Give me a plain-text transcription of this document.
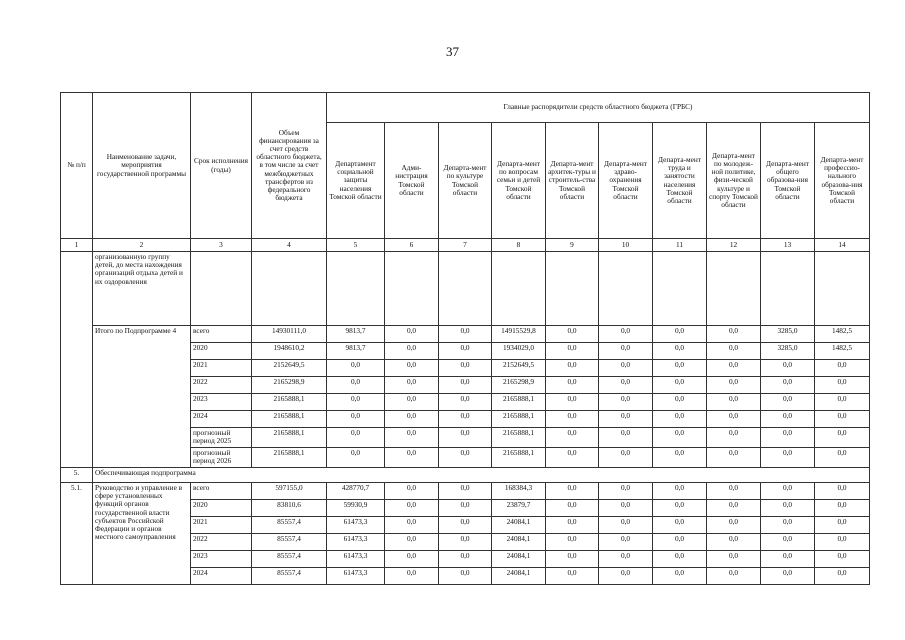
37
№ п/п	Наименование задачи, мероприятия государственной программы	Срок исполнения (годы)	Объем финансирования за счет средств областного бюджета, в том числе за счет межбюджетных трансфертов из федерального бюджета	Главные распорядители средств областного бюджета (ГРБС)									
				Департамент социальной защиты населения Томской области	Адми-нистрация Томской области	Департа-мент по культуре Томской области	Департа-мент по вопросам семьи и детей Томской области	Департа-мент архитек-туры и строитель-ства Томской области	Департа-мент здраво-охранения Томской области	Департа-мент труда и занятости населения Томской области	Департа-мент по молодеж-ной политике, физи-ческой культуре и спорту Томской области	Департа-мент общего образова-ния Томской области	Департа-мент профессио-нального образова-ния Томской области
1	2	3	4	5	6	7	8	9	10	11	12	13	14
	организованную группу детей, до места нахождения организаций отдыха детей и их оздоровления												
	Итого по Подпрограмме 4	всего	14930111,0	9813,7	0,0	0,0	14915529,8	0,0	0,0	0,0	0,0	3285,0	1482,5
		2020	1948610,2	9813,7	0,0	0,0	1934029,0	0,0	0,0	0,0	0,0	3285,0	1482,5
		2021	2152649,5	0,0	0,0	0,0	2152649,5	0,0	0,0	0,0	0,0	0,0	0,0
		2022	2165298,9	0,0	0,0	0,0	2165298,9	0,0	0,0	0,0	0,0	0,0	0,0
		2023	2165888,1	0,0	0,0	0,0	2165888,1	0,0	0,0	0,0	0,0	0,0	0,0
		2024	2165888,1	0,0	0,0	0,0	2165888,1	0,0	0,0	0,0	0,0	0,0	0,0
		прогнозный период 2025	2165888,1	0,0	0,0	0,0	2165888,1	0,0	0,0	0,0	0,0	0,0	0,0
		прогнозный период 2026	2165888,1	0,0	0,0	0,0	2165888,1	0,0	0,0	0,0	0,0	0,0	0,0
5.	Обеспечивающая подпрограмма												
5.1.	Руководство и управление в сфере установленных функций органов государственной власти субъектов Российской Федерации и органов местного самоуправления	всего	597155,0	428770,7	0,0	0,0	168384,3	0,0	0,0	0,0	0,0	0,0	0,0
		2020	83810,6	59930,9	0,0	0,0	23879,7	0,0	0,0	0,0	0,0	0,0	0,0
		2021	85557,4	61473,3	0,0	0,0	24084,1	0,0	0,0	0,0	0,0	0,0	0,0
		2022	85557,4	61473,3	0,0	0,0	24084,1	0,0	0,0	0,0	0,0	0,0	0,0
		2023	85557,4	61473,3	0,0	0,0	24084,1	0,0	0,0	0,0	0,0	0,0	0,0
		2024	85557,4	61473,3	0,0	0,0	24084,1	0,0	0,0	0,0	0,0	0,0	0,0
